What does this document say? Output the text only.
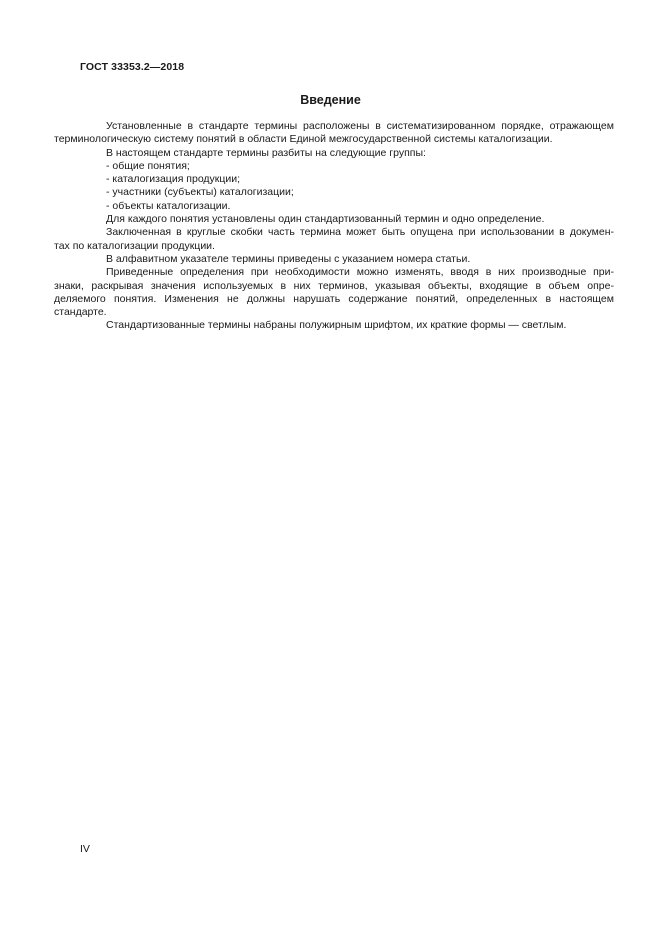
ГОСТ 33353.2—2018
Введение

Установленные в стандарте термины расположены в систематизированном порядке, отражающем
терминологическую систему понятий в области Единой межгосударственной системы каталогизации.

В настоящем стандарте термины разбиты на следующие группы:

- общие понятия;

- каталогизация продукции;

- участники (субъекты) каталогизации;

- объекты каталогизации.

Для каждого понятия установлены один стандартизованный термин и одно определение.

Заключенная в круглые скобки часть термина может быть опущена при использовании в докумен-
тах по каталогизации продукции.

В алфавитном указателе термины приведены с указанием номера статьи.

Приведенные определения при необходимости можно изменять, вводя в них производные при-
знаки, раскрывая значения используемых в них терминов, указывая объекты, входящие в объем опре-
деляемого понятия. Изменения не должны нарушать содержание понятий, определенных в настоящем
стандарте.

Стандартизованные термины набраны полужирным шрифтом, их краткие формы — светлым.

IV
